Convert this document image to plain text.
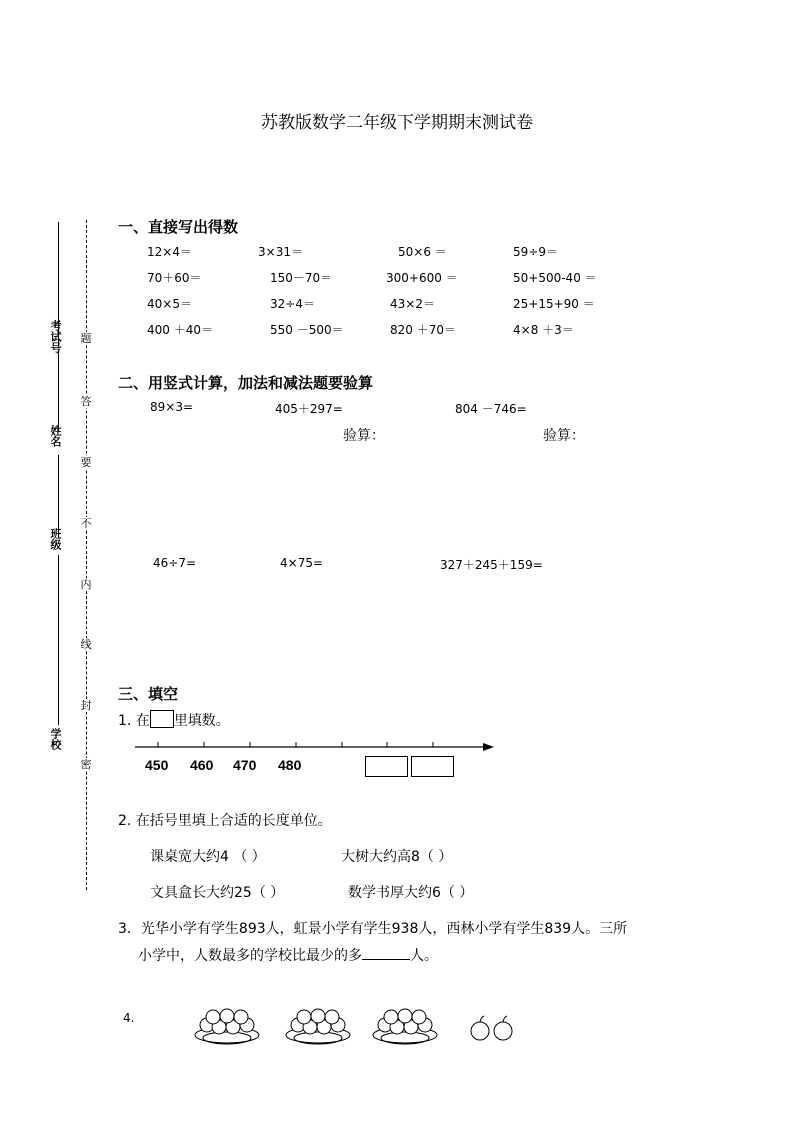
苏教版数学二年级下学期期末测试卷
考试号
姓名
班级
学校
题
答
要
不
内
线
封
密
一、直接写出得数
12×4＝	3×31＝	50×6 ＝	59÷9＝
70＋60＝	150－70＝	300+600 ＝	50+500-40 ＝
40×5＝	32÷4＝	43×2＝	25+15+90 ＝
400 ＋40＝	550 －500＝	820 ＋70＝	4×8 ＋3＝
二、用竖式计算，加法和减法题要验算
89×3=	405＋297=	804 －746=
验算：	验算：
46÷7=	4×75=	327＋245＋159=
三、填空
1. 在 里填数。
450 460 470 480
2. 在括号里填上合适的长度单位。
课桌宽大约4 （ ）	大树大约高8（ ）
文具盒长大约25（ ）	数学书厚大约6（ ）
3．光华小学有学生893人，虹景小学有学生938人，西林小学有学生839人。三所
小学中，人数最多的学校比最少的多	人。
4.
